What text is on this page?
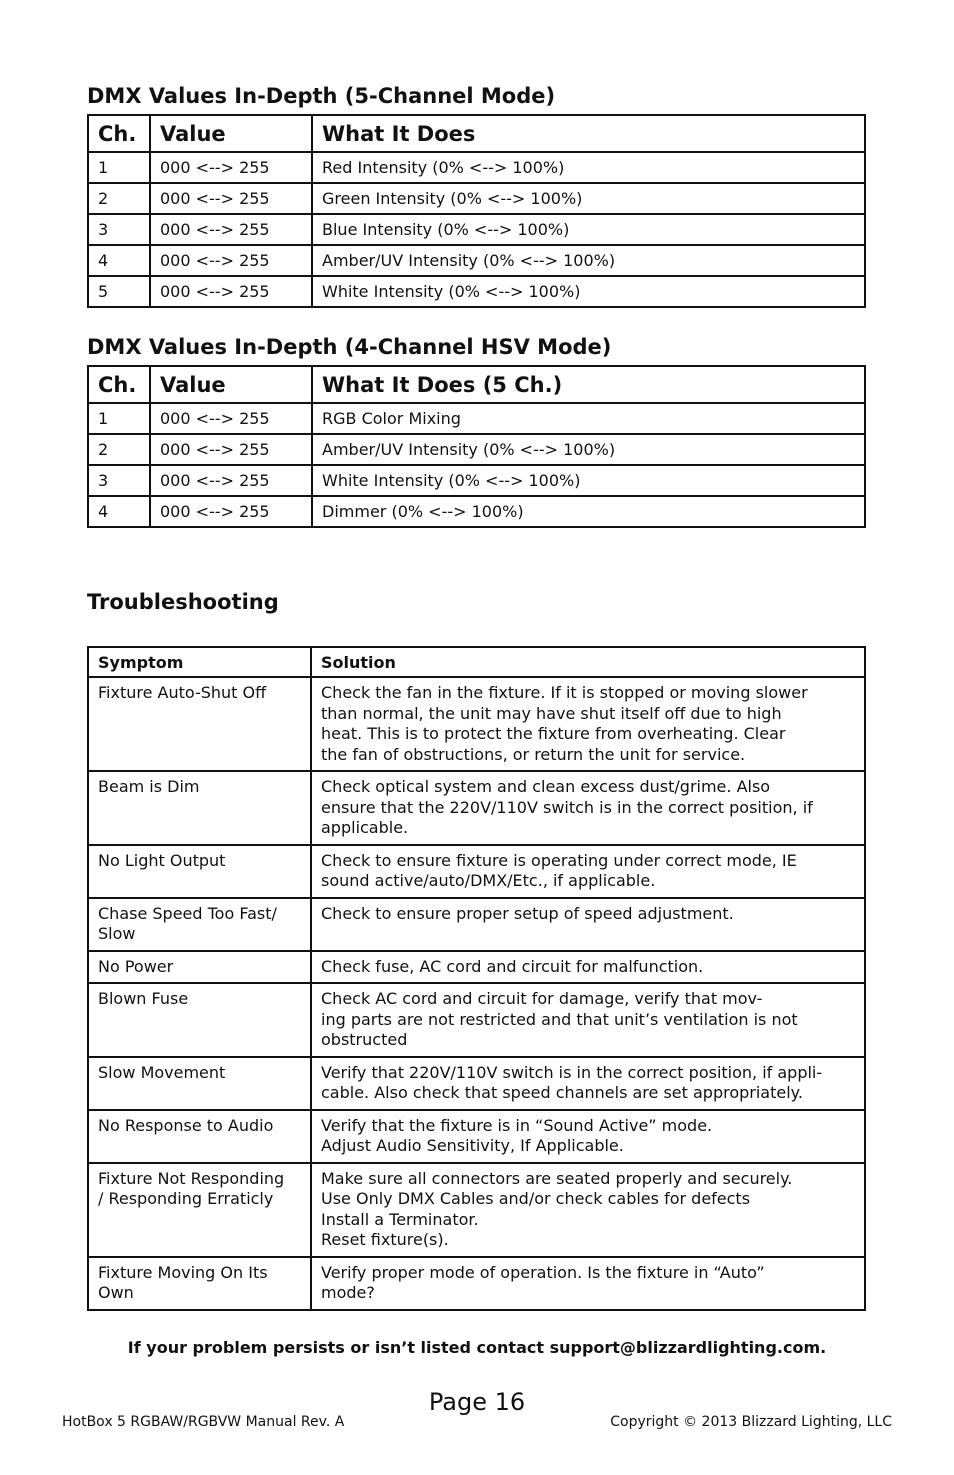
DMX Values In-Depth (5-Channel Mode)
Ch.	Value	What It Does
1	000 <--> 255	Red Intensity (0% <--> 100%)
2	000 <--> 255	Green Intensity (0% <--> 100%)
3	000 <--> 255	Blue Intensity (0% <--> 100%)
4	000 <--> 255	Amber/UV Intensity (0% <--> 100%)
5	000 <--> 255	White Intensity (0% <--> 100%)
DMX Values In-Depth (4-Channel HSV Mode)
Ch.	Value	What It Does (5 Ch.)
1	000 <--> 255	RGB Color Mixing
2	000 <--> 255	Amber/UV Intensity (0% <--> 100%)
3	000 <--> 255	White Intensity (0% <--> 100%)
4	000 <--> 255	Dimmer (0% <--> 100%)
Troubleshooting
Symptom	Solution

Fixture Auto-Shut Off	Check the fan in the fixture. If it is stopped or moving slower
than normal, the unit may have shut itself off due to high
heat. This is to protect the fixture from overheating. Clear
the fan of obstructions, or return the unit for service.

Beam is Dim	Check optical system and clean excess dust/grime. Also
ensure that the 220V/110V switch is in the correct position, if
applicable.

No Light Output	Check to ensure fixture is operating under correct mode, IE
sound active/auto/DMX/Etc., if applicable.

Chase Speed Too Fast/
Slow	Check to ensure proper setup of speed adjustment.

No Power	Check fuse, AC cord and circuit for malfunction.

Blown Fuse	Check AC cord and circuit for damage, verify that mov-
ing parts are not restricted and that unit’s ventilation is not
obstructed

Slow Movement	Verify that 220V/110V switch is in the correct position, if appli-
cable. Also check that speed channels are set appropriately.

No Response to Audio	Verify that the fixture is in “Sound Active” mode.
Adjust Audio Sensitivity, If Applicable.

Fixture Not Responding
/ Responding Erraticly	Make sure all connectors are seated properly and securely.
Use Only DMX Cables and/or check cables for defects
Install a Terminator.
Reset fixture(s).

Fixture Moving On Its
Own	Verify proper mode of operation. Is the fixture in “Auto”
mode?
If your problem persists or isn’t listed contact support@blizzardlighting.com.
Page 16
HotBox 5 RGBAW/RGBVW Manual Rev. A	Copyright © 2013 Blizzard Lighting, LLC
